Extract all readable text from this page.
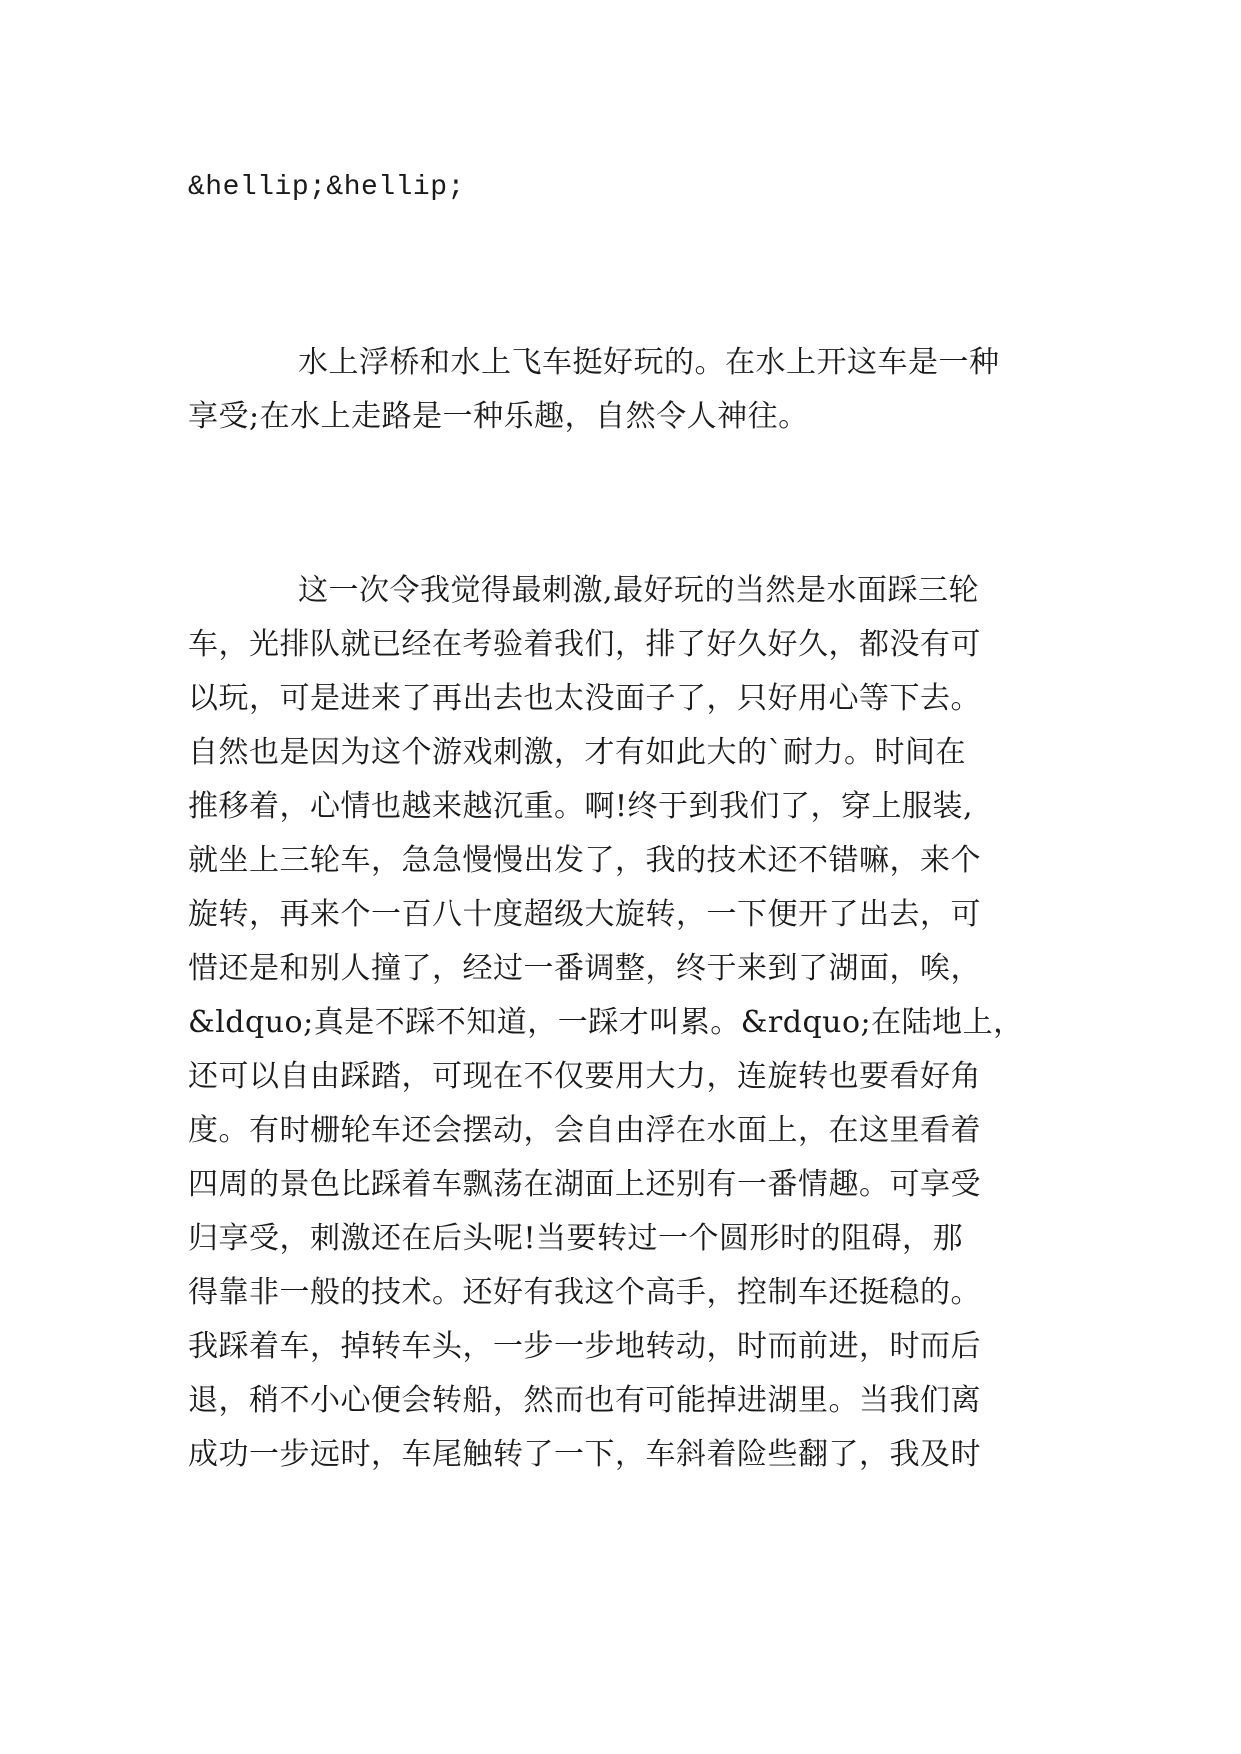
&hellip;&hellip;
水上浮桥和水上飞车挺好玩的。在水上开这车是一种
享受;在水上走路是一种乐趣，自然令人神往。
这一次令我觉得最刺激,最好玩的当然是水面踩三轮
车，光排队就已经在考验着我们，排了好久好久，都没有可
以玩，可是进来了再出去也太没面子了，只好用心等下去。
自然也是因为这个游戏刺激，才有如此大的`耐力。时间在
推移着，心情也越来越沉重。啊!终于到我们了，穿上服装,
就坐上三轮车，急急慢慢出发了，我的技术还不错嘛，来个
旋转，再来个一百八十度超级大旋转，一下便开了出去，可
惜还是和别人撞了，经过一番调整，终于来到了湖面，唉，
&ldquo;真是不踩不知道，一踩才叫累。&rdquo;在陆地上，
还可以自由踩踏，可现在不仅要用大力，连旋转也要看好角
度。有时栅轮车还会摆动，会自由浮在水面上，在这里看着
四周的景色比踩着车飘荡在湖面上还别有一番情趣。可享受
归享受，刺激还在后头呢!当要转过一个圆形时的阻碍，那
得靠非一般的技术。还好有我这个高手，控制车还挺稳的。
我踩着车，掉转车头，一步一步地转动，时而前进，时而后
退，稍不小心便会转船，然而也有可能掉进湖里。当我们离
成功一步远时，车尾触转了一下，车斜着险些翻了，我及时
